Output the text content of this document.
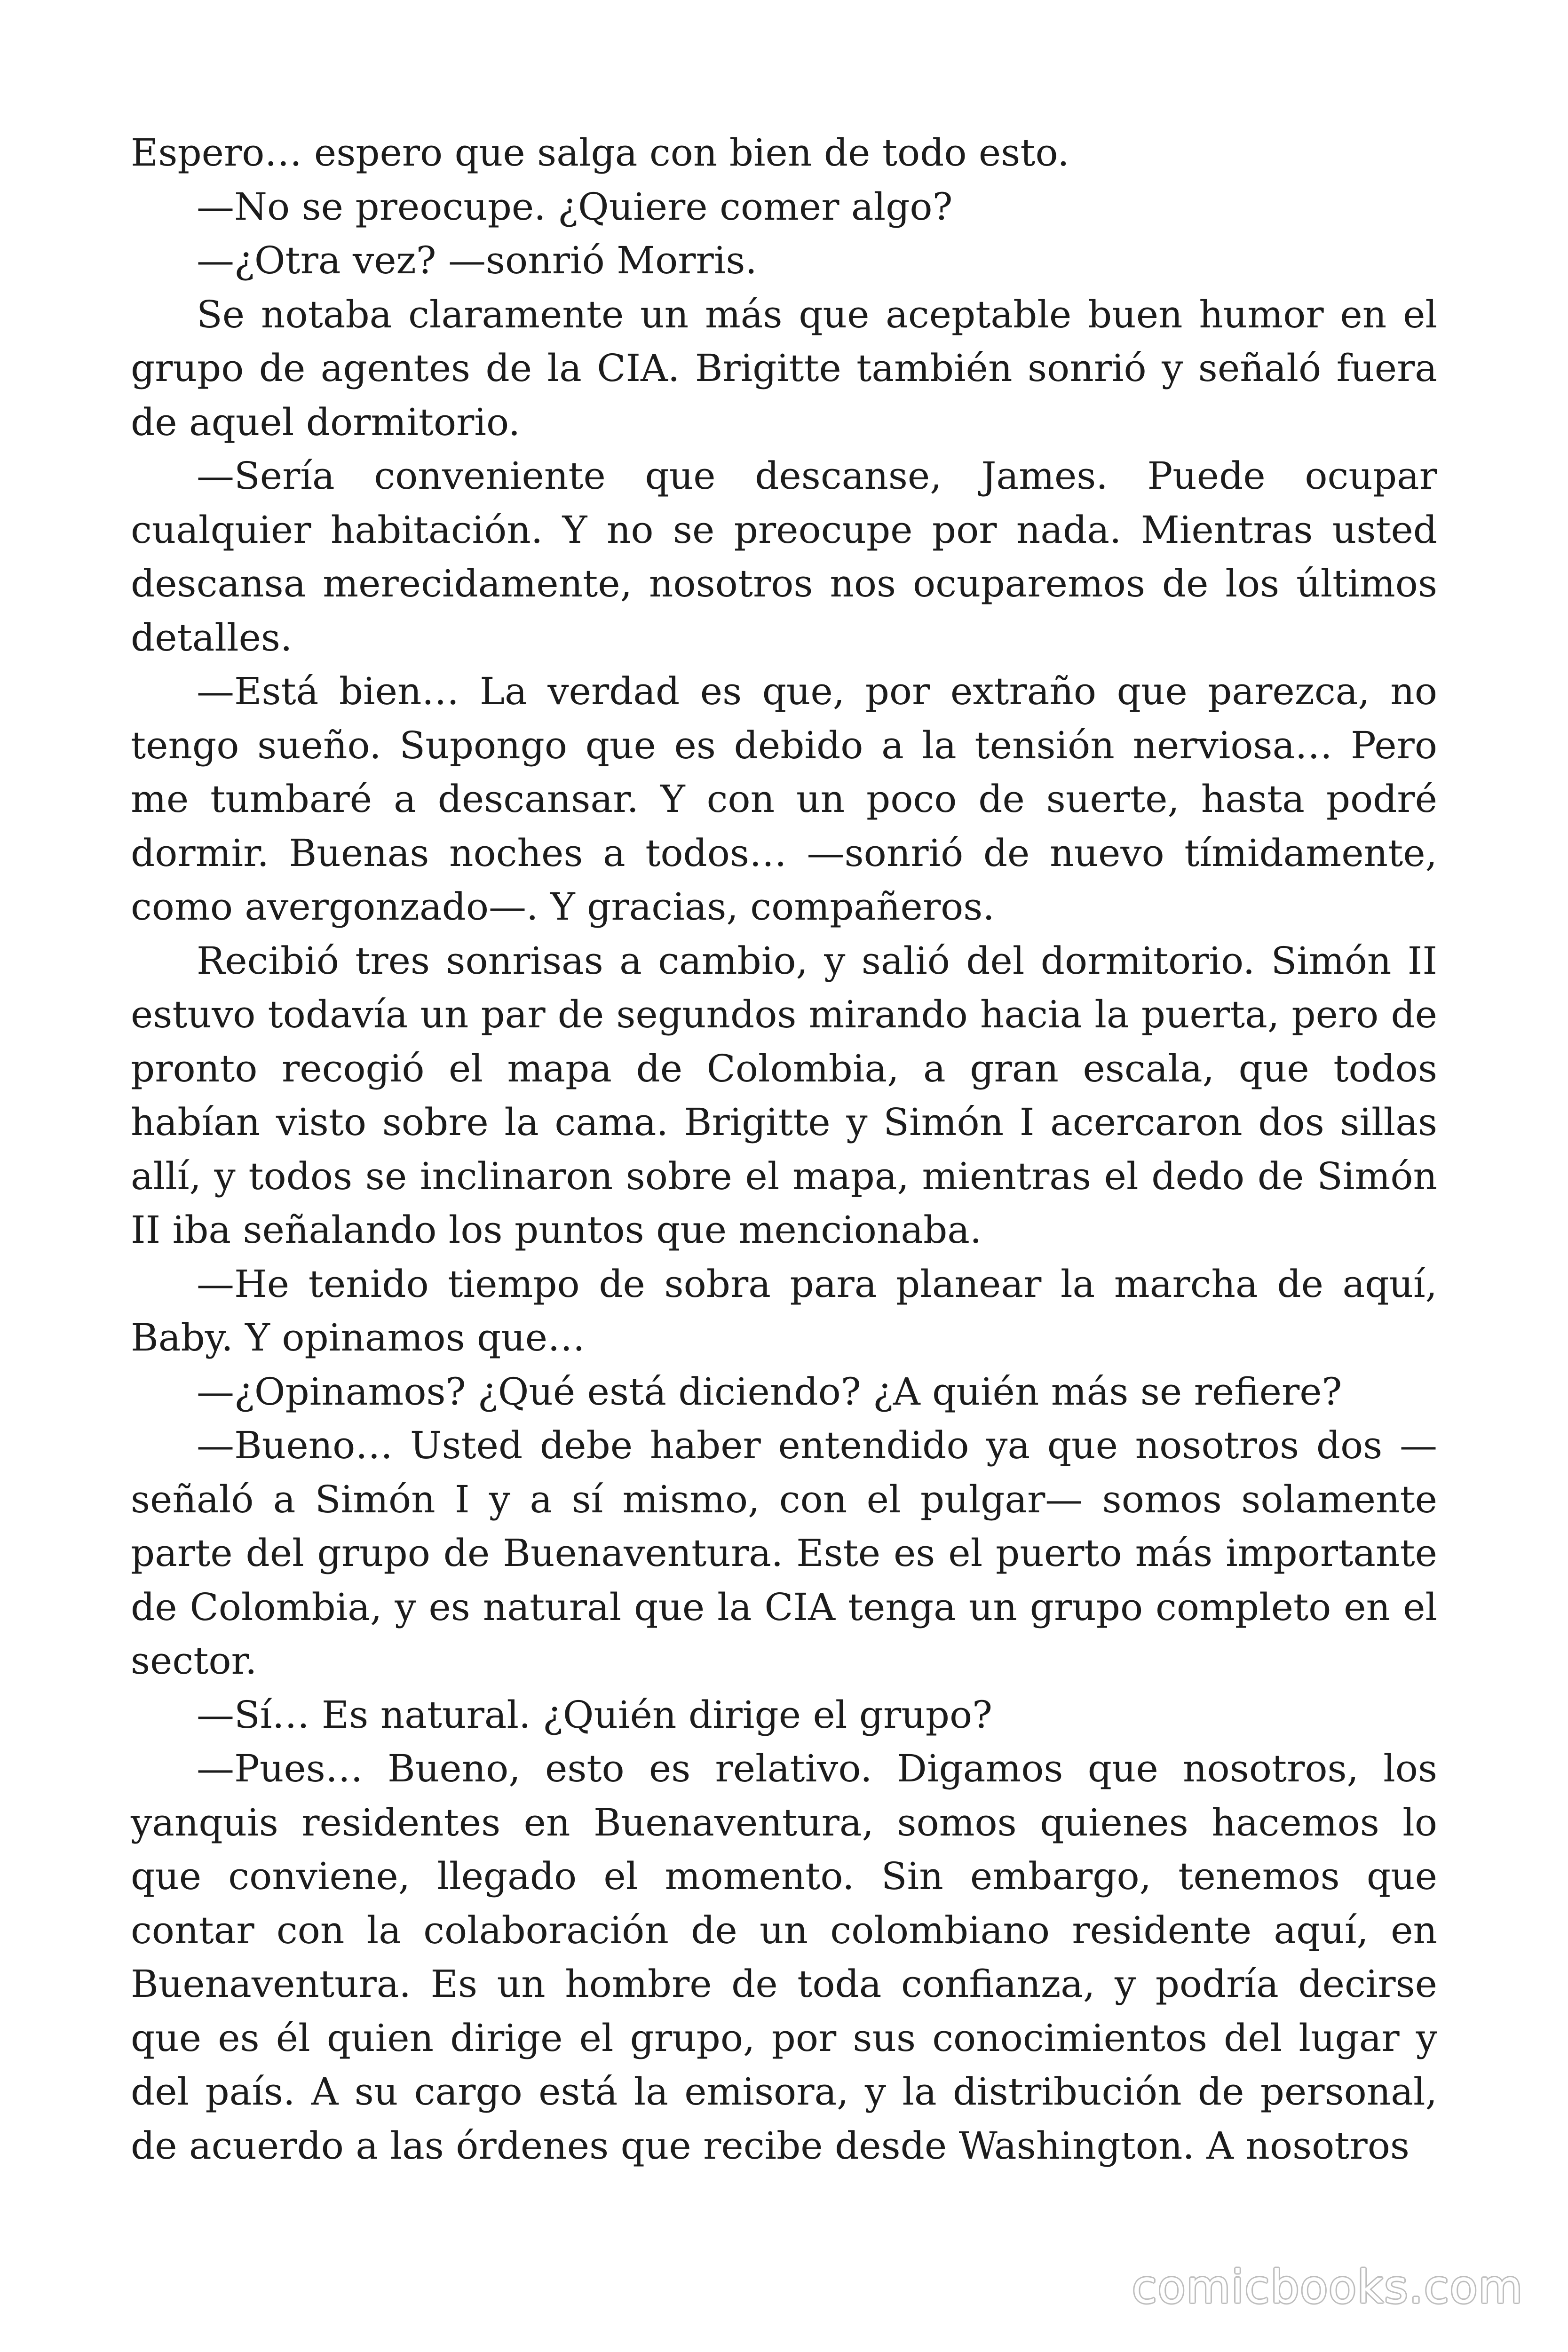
Espero… espero que salga con bien de todo esto.

—No se preocupe. ¿Quiere comer algo?

—¿Otra vez? —sonrió Morris.

Se notaba claramente un más que aceptable buen humor en el grupo de agentes de la CIA. Brigitte también sonrió y señaló fuera de aquel dormitorio.

—Sería conveniente que descanse, James. Puede ocupar cualquier habitación. Y no se preocupe por nada. Mientras usted descansa merecidamente, nosotros nos ocuparemos de los últimos detalles.

—Está bien… La verdad es que, por extraño que parezca, no tengo sueño. Supongo que es debido a la tensión nerviosa… Pero me tumbaré a descansar. Y con un poco de suerte, hasta podré dormir. Buenas noches a todos… —sonrió de nuevo tímidamente, como avergonzado—. Y gracias, compañeros.

Recibió tres sonrisas a cambio, y salió del dormitorio. Simón II estuvo todavía un par de segundos mirando hacia la puerta, pero de pronto recogió el mapa de Colombia, a gran escala, que todos habían visto sobre la cama. Brigitte y Simón I acercaron dos sillas allí, y todos se inclinaron sobre el mapa, mientras el dedo de Simón II iba señalando los puntos que mencionaba.

—He tenido tiempo de sobra para planear la marcha de aquí, Baby. Y opinamos que…

—¿Opinamos? ¿Qué está diciendo? ¿A quién más se refiere?

—Bueno… Usted debe haber entendido ya que nosotros dos —señaló a Simón I y a sí mismo, con el pulgar— somos solamente parte del grupo de Buenaventura. Este es el puerto más importante de Colombia, y es natural que la CIA tenga un grupo completo en el sector.

—Sí… Es natural. ¿Quién dirige el grupo?

—Pues… Bueno, esto es relativo. Digamos que nosotros, los yanquis residentes en Buenaventura, somos quienes hacemos lo que conviene, llegado el momento. Sin embargo, tenemos que contar con la colaboración de un colombiano residente aquí, en Buenaventura. Es un hombre de toda confianza, y podría decirse que es él quien dirige el grupo, por sus conocimientos del lugar y del país. A su cargo está la emisora, y la distribución de personal, de acuerdo a las órdenes que recibe desde Washington. A nosotros

comicbooks.com
